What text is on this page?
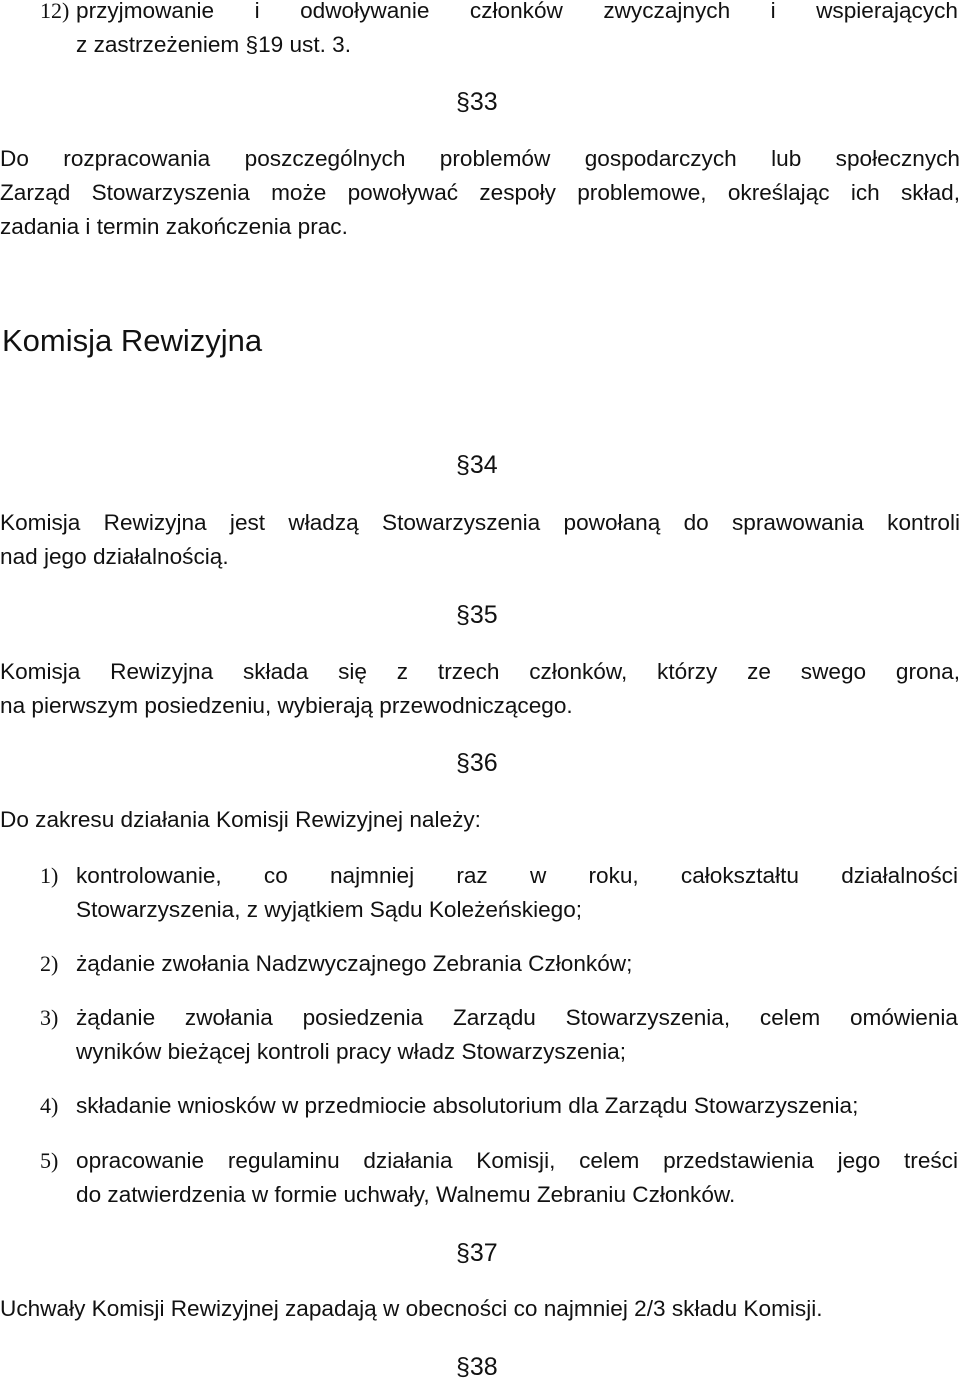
12) przyjmowanie i odwoływanie członków zwyczajnych i wspierających
z zastrzeżeniem §19 ust. 3.
§33
Do rozpracowania poszczególnych problemów gospodarczych lub społecznych
Zarząd Stowarzyszenia może powoływać zespoły problemowe, określając ich skład,
zadania i termin zakończenia prac.
Komisja Rewizyjna
§34
Komisja Rewizyjna jest władzą Stowarzyszenia powołaną do sprawowania kontroli
nad jego działalnością.
§35
Komisja Rewizyjna składa się z trzech członków, którzy ze swego grona,
na pierwszym posiedzeniu, wybierają przewodniczącego.
§36
Do zakresu działania Komisji Rewizyjnej należy:
1) kontrolowanie, co najmniej raz w roku, całokształtu działalności
Stowarzyszenia, z wyjątkiem Sądu Koleżeńskiego;
2) żądanie zwołania Nadzwyczajnego Zebrania Członków;
3) żądanie zwołania posiedzenia Zarządu Stowarzyszenia, celem omówienia
wyników bieżącej kontroli pracy władz Stowarzyszenia;
4) składanie wniosków w przedmiocie absolutorium dla Zarządu Stowarzyszenia;
5) opracowanie regulaminu działania Komisji, celem przedstawienia jego treści
do zatwierdzenia w formie uchwały, Walnemu Zebraniu Członków.
§37
Uchwały Komisji Rewizyjnej zapadają w obecności co najmniej 2/3 składu Komisji.
§38
